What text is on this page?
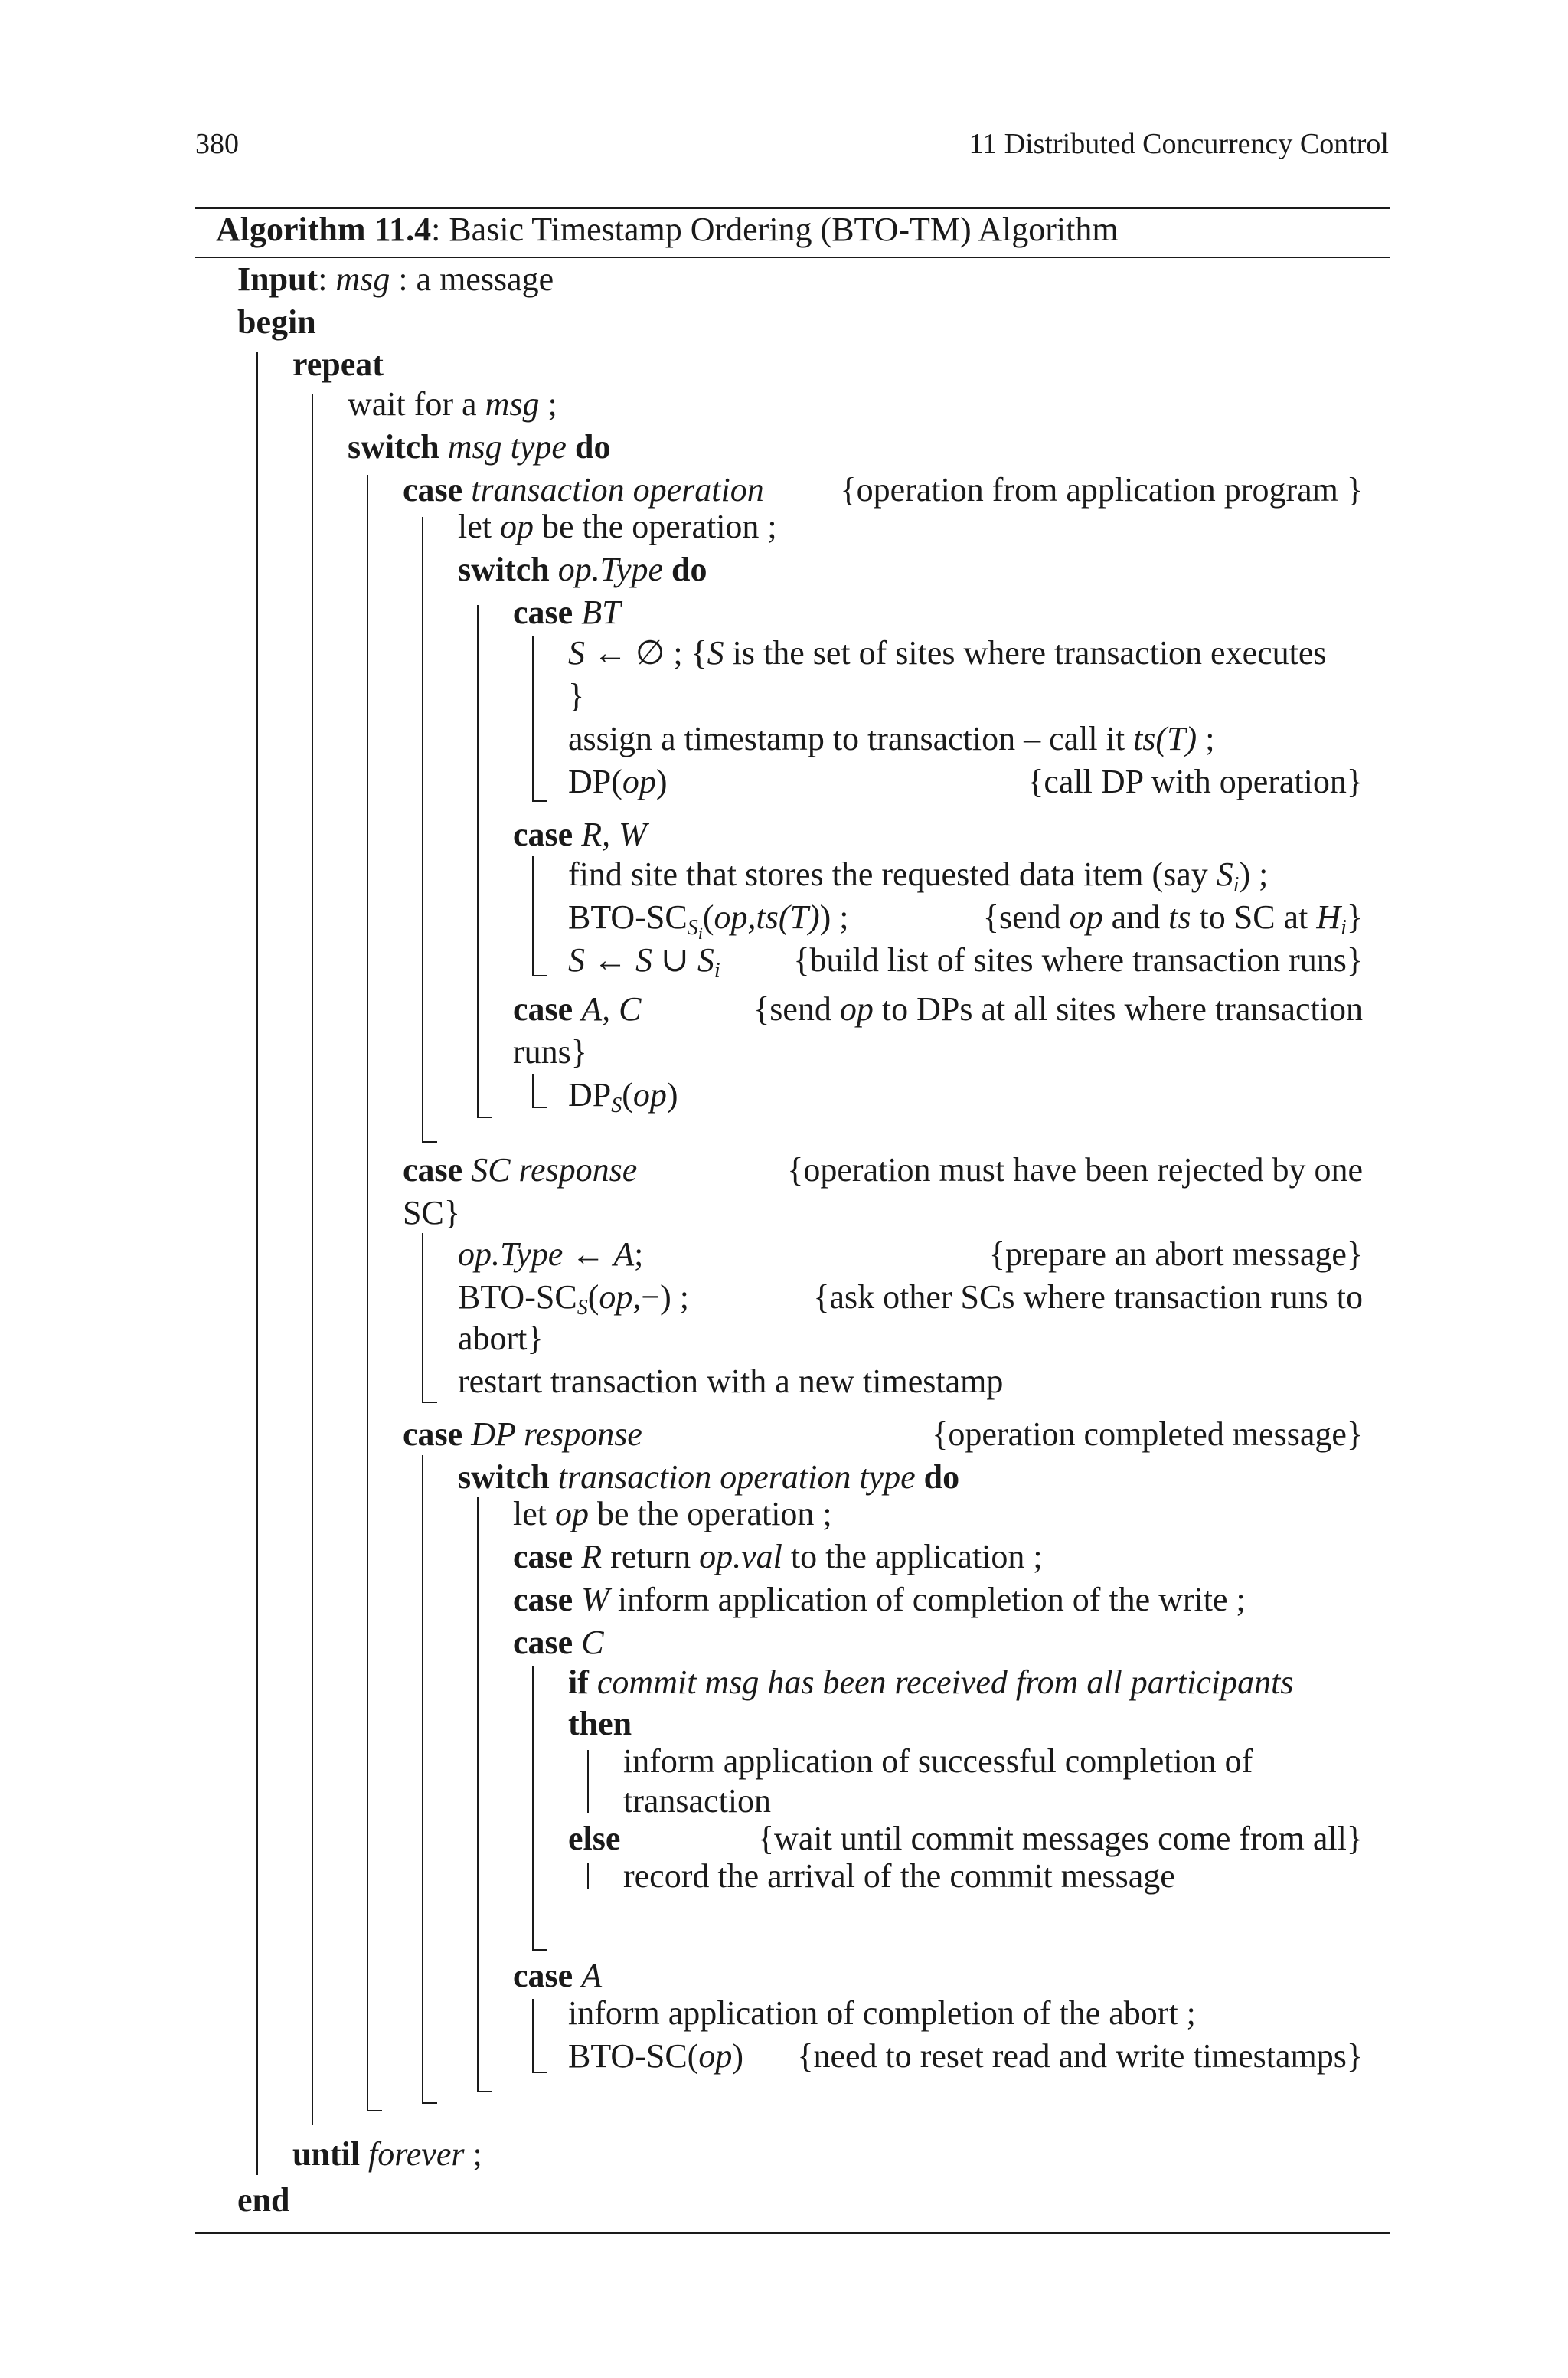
380	11 Distributed Concurrency Control
Algorithm 11.4: Basic Timestamp Ordering (BTO-TM) Algorithm
Input: msg : a message
begin
repeat
wait for a msg ;
switch msg type do
case transaction operation {operation from application program }
let op be the operation ;
switch op.Type do
case BT
S ← ∅ ; {S is the set of sites where transaction executes
}
assign a timestamp to transaction – call it ts(T) ;
DP(op)	{call DP with operation}
case R, W
find site that stores the requested data item (say $S_i$) ;
BTO-$SC_{S_i}(op,ts(T))$ ;	{send op and ts to SC at $H_i$}
S ← S ∪ $S_i$ {build list of sites where transaction runs}
case A, C	{send op to DPs at all sites where transaction
runs}
$DP_S(op)$
case SC response	{operation must have been rejected by one
SC}
op.Type ← A;	{prepare an abort message}
BTO-$SC_S(op,-)$ ;	{ask other SCs where transaction runs to
abort}
restart transaction with a new timestamp
case DP response	{operation completed message}
switch transaction operation type do
let op be the operation ;
case R return op.val to the application ;
case W inform application of completion of the write ;
case C
if commit msg has been received from all participants
then
inform application of successful completion of
transaction
else	{wait until commit messages come from all}
record the arrival of the commit message
case A
inform application of completion of the abort ;
BTO-SC(op) {need to reset read and write timestamps}
until forever ;
end
